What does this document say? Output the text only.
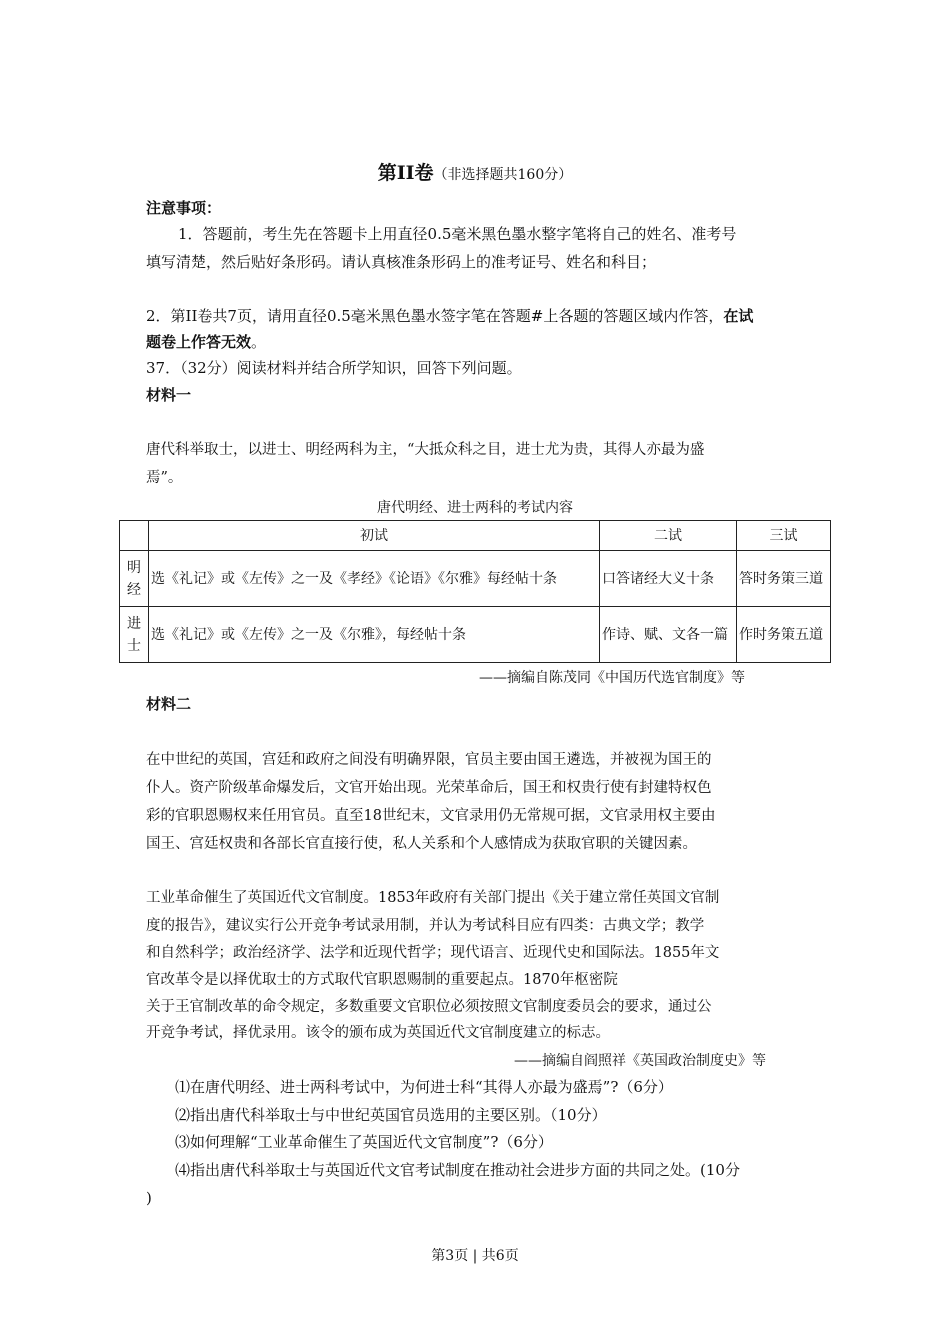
第II卷（非选择题共160分）
注意事项：
1．答题前，考生先在答题卡上用直径0.5毫米黑色墨水整字笔将自己的姓名、准考号
填写清楚，然后贴好条形码。请认真核准条形码上的准考证号、姓名和科目；
2．第II卷共7页，请用直径0.5毫米黑色墨水签字笔在答题#上各题的答题区域内作答，在试
题卷上作答无效。
37．（32分）阅读材料并结合所学知识，回答下列问题。
材料一
唐代科举取士，以进士、明经两科为主，“大抵众科之目，进士尤为贵，其得人亦最为盛
焉”。
唐代明经、进士两科的考试内容
	初试	二试	三试
明
经	选《礼记》或《左传》之一及《孝经》《论语》《尔雅》每经帖十条	口答诸经大义十条	答时务策三道
进
士	选《礼记》或《左传》之一及《尔雅》，每经帖十条	作诗、赋、文各一篇	作时务策五道
——摘编自陈茂同《中国历代选官制度》等
材料二
在中世纪的英国，宫廷和政府之间没有明确界限，官员主要由国王遴选，并被视为国王的
仆人。资产阶级革命爆发后，文官开始出现。光荣革命后，国王和权贵行使有封建特权色
彩的官职恩赐权来任用官员。直至18世纪末，文官录用仍无常规可据，文官录用权主要由
国王、宫廷权贵和各部长官直接行使，私人关系和个人感情成为获取官职的关键因素。
工业革命催生了英国近代文官制度。1853年政府有关部门提出《关于建立常任英国文官制
度的报告》，建议实行公开竞争考试录用制，并认为考试科目应有四类：古典文学；教学
和自然科学；政治经济学、法学和近现代哲学；现代语言、近现代史和国际法。1855年文
官改革令是以择优取士的方式取代官职恩赐制的重要起点。1870年枢密院
关于王官制改革的命令规定，多数重要文官职位必须按照文官制度委员会的要求，通过公
开竞争考试，择优录用。该令的颁布成为英国近代文官制度建立的标志。
——摘编自阎照祥《英国政治制度史》等
⑴在唐代明经、进士两科考试中，为何进士科“其得人亦最为盛焉”?（6分）
⑵指出唐代科举取士与中世纪英国官员选用的主要区别。（10分）
⑶如何理解“工业革命催生了英国近代文官制度”?（6分）
⑷指出唐代科举取士与英国近代文官考试制度在推动社会进步方面的共同之处。(10分
)
第3页 | 共6页
